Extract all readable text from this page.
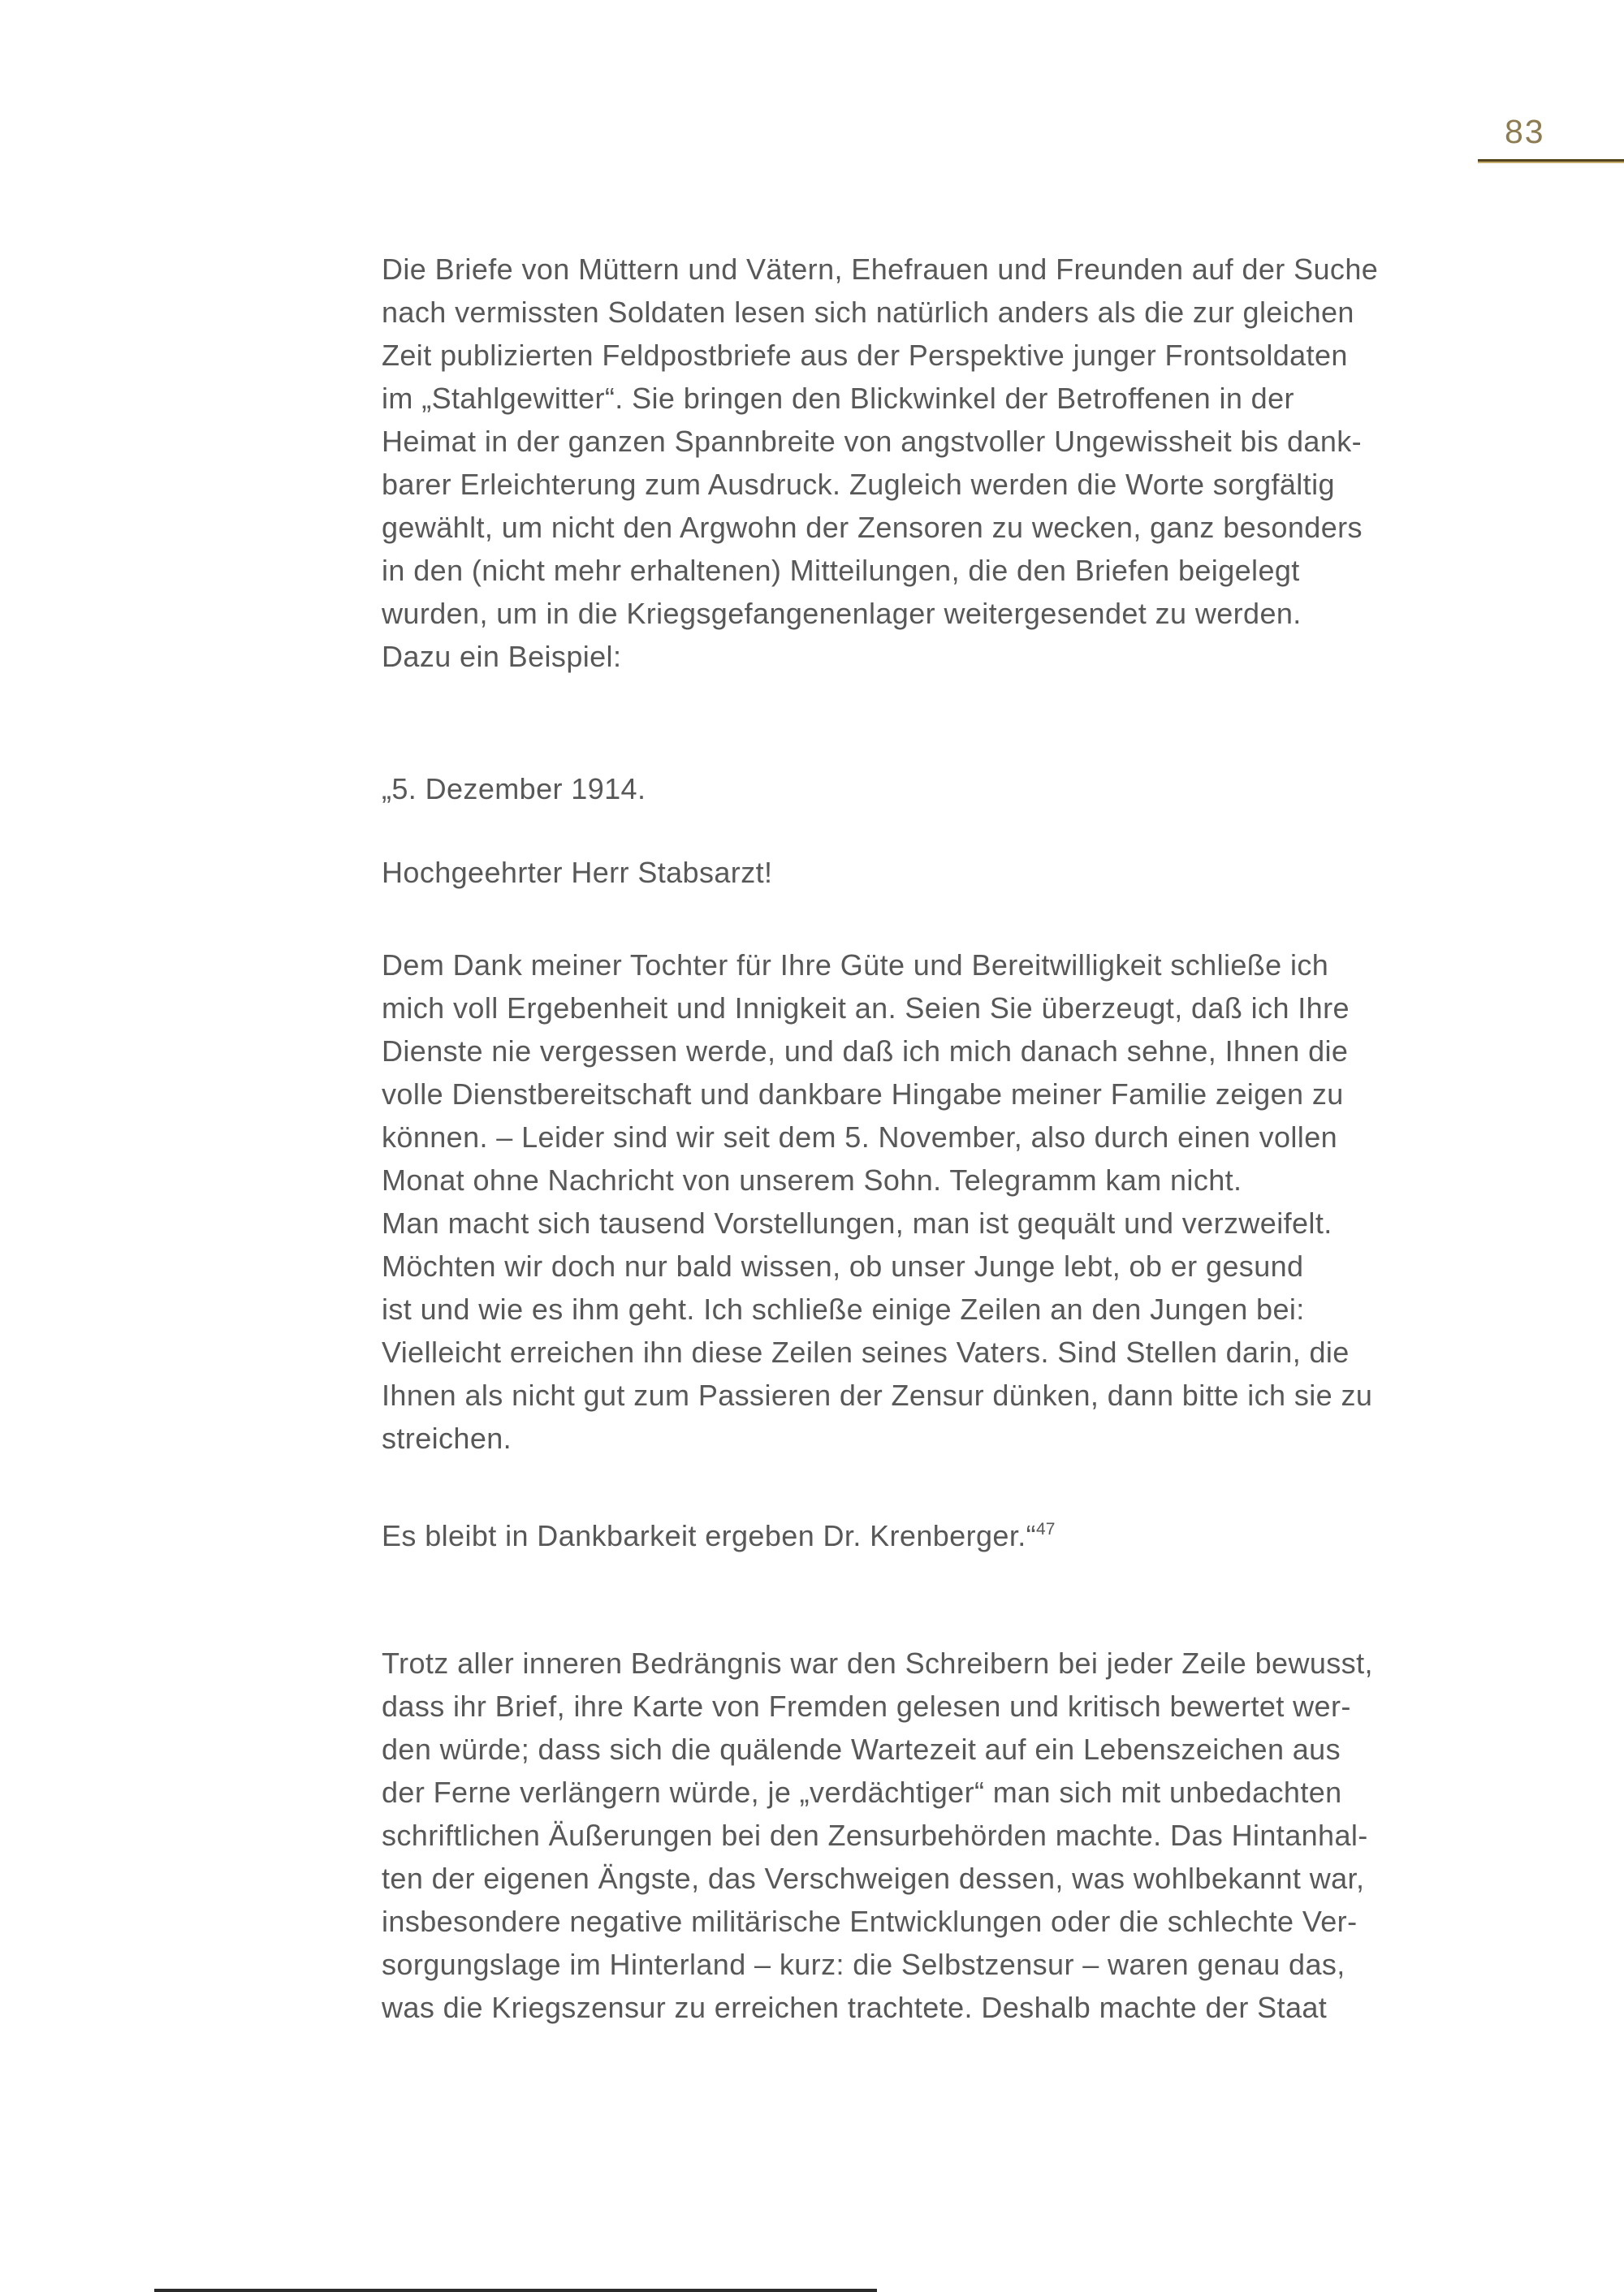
83
Die Briefe von Müttern und Vätern, Ehefrauen und Freunden auf der Suche
nach vermissten Soldaten lesen sich natürlich anders als die zur gleichen
Zeit publizierten Feldpostbriefe aus der Perspektive junger Frontsoldaten
im „Stahlgewitter“. Sie bringen den Blickwinkel der Betroffenen in der
Heimat in der ganzen Spannbreite von angstvoller Ungewissheit bis dank-
barer Erleichterung zum Ausdruck. Zugleich werden die Worte sorgfältig
gewählt, um nicht den Argwohn der Zensoren zu wecken, ganz besonders
in den (nicht mehr erhaltenen) Mitteilungen, die den Briefen beigelegt
wurden, um in die Kriegsgefangenenlager weitergesendet zu werden.
Dazu ein Beispiel:
„5. Dezember 1914.
Hochgeehrter Herr Stabsarzt!
Dem Dank meiner Tochter für Ihre Güte und Bereitwilligkeit schließe ich
mich voll Ergebenheit und Innigkeit an. Seien Sie überzeugt, daß ich Ihre
Dienste nie vergessen werde, und daß ich mich danach sehne, Ihnen die
volle Dienstbereitschaft und dankbare Hingabe meiner Familie zeigen zu
können. – Leider sind wir seit dem 5. November, also durch einen vollen
Monat ohne Nachricht von unserem Sohn. Telegramm kam nicht.
Man macht sich tausend Vorstellungen, man ist gequält und verzweifelt.
Möchten wir doch nur bald wissen, ob unser Junge lebt, ob er gesund
ist und wie es ihm geht. Ich schließe einige Zeilen an den Jungen bei:
Vielleicht erreichen ihn diese Zeilen seines Vaters. Sind Stellen darin, die
Ihnen als nicht gut zum Passieren der Zensur dünken, dann bitte ich sie zu
streichen.
Es bleibt in Dankbarkeit ergeben Dr. Krenberger.“$^{47}$
Trotz aller inneren Bedrängnis war den Schreibern bei jeder Zeile bewusst,
dass ihr Brief, ihre Karte von Fremden gelesen und kritisch bewertet wer-
den würde; dass sich die quälende Wartezeit auf ein Lebenszeichen aus
der Ferne verlängern würde, je „verdächtiger“ man sich mit unbedachten
schriftlichen Äußerungen bei den Zensurbehörden machte. Das Hintanhal-
ten der eigenen Ängste, das Verschweigen dessen, was wohlbekannt war,
insbesondere negative militärische Entwicklungen oder die schlechte Ver-
sorgungslage im Hinterland – kurz: die Selbstzensur – waren genau das,
was die Kriegszensur zu erreichen trachtete. Deshalb machte der Staat
